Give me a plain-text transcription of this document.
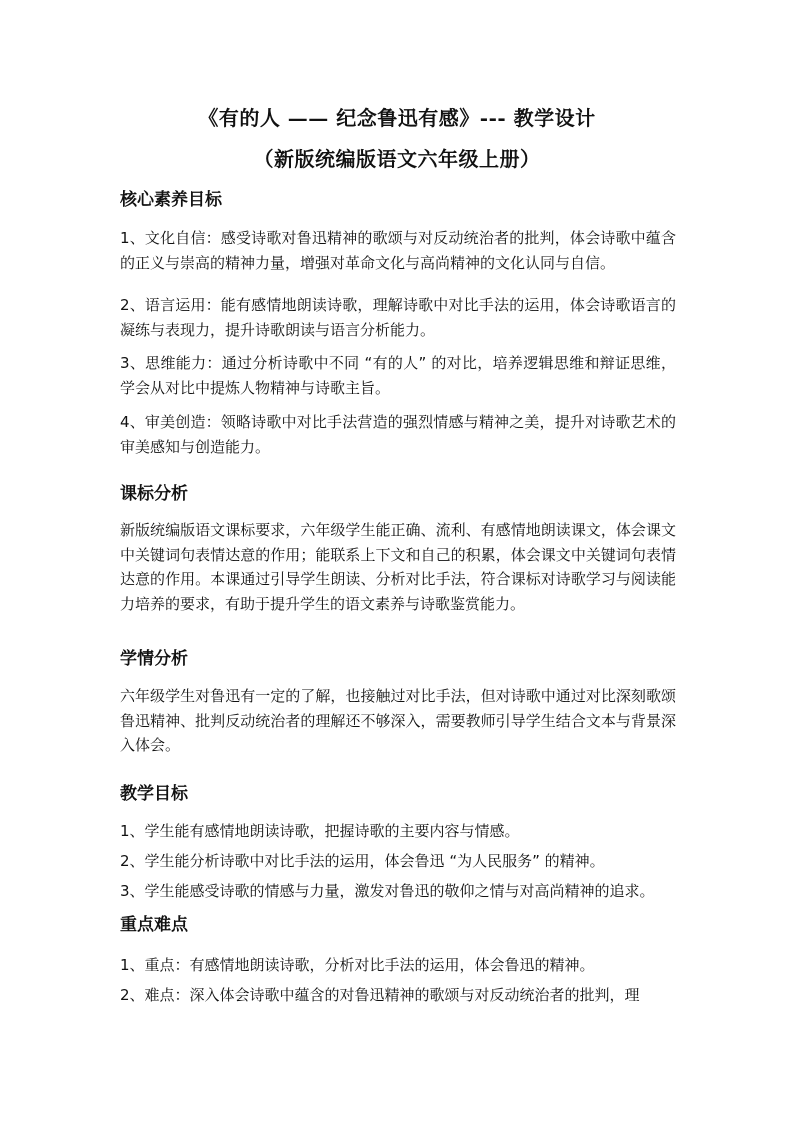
《有的人 —— 纪念鲁迅有感》--- 教学设计
（新版统编版语文六年级上册）
核心素养目标

1、文化自信：感受诗歌对鲁迅精神的歌颂与对反动统治者的批判，体会诗歌中蕴含的正义与崇高的精神力量，增强对革命文化与高尚精神的文化认同与自信。

2、语言运用：能有感情地朗读诗歌，理解诗歌中对比手法的运用，体会诗歌语言的凝练与表现力，提升诗歌朗读与语言分析能力。

3、思维能力：通过分析诗歌中不同 “有的人” 的对比，培养逻辑思维和辩证思维，学会从对比中提炼人物精神与诗歌主旨。

4、审美创造：领略诗歌中对比手法营造的强烈情感与精神之美，提升对诗歌艺术的审美感知与创造能力。

课标分析

新版统编版语文课标要求，六年级学生能正确、流利、有感情地朗读课文，体会课文中关键词句表情达意的作用；能联系上下文和自己的积累，体会课文中关键词句表情达意的作用。本课通过引导学生朗读、分析对比手法，符合课标对诗歌学习与阅读能力培养的要求，有助于提升学生的语文素养与诗歌鉴赏能力。

学情分析

六年级学生对鲁迅有一定的了解，也接触过对比手法，但对诗歌中通过对比深刻歌颂鲁迅精神、批判反动统治者的理解还不够深入，需要教师引导学生结合文本与背景深入体会。

教学目标

1、学生能有感情地朗读诗歌，把握诗歌的主要内容与情感。

2、学生能分析诗歌中对比手法的运用，体会鲁迅 “为人民服务” 的精神。

3、学生能感受诗歌的情感与力量，激发对鲁迅的敬仰之情与对高尚精神的追求。

重点难点

1、重点：有感情地朗读诗歌，分析对比手法的运用，体会鲁迅的精神。

2、难点：深入体会诗歌中蕴含的对鲁迅精神的歌颂与对反动统治者的批判，理
